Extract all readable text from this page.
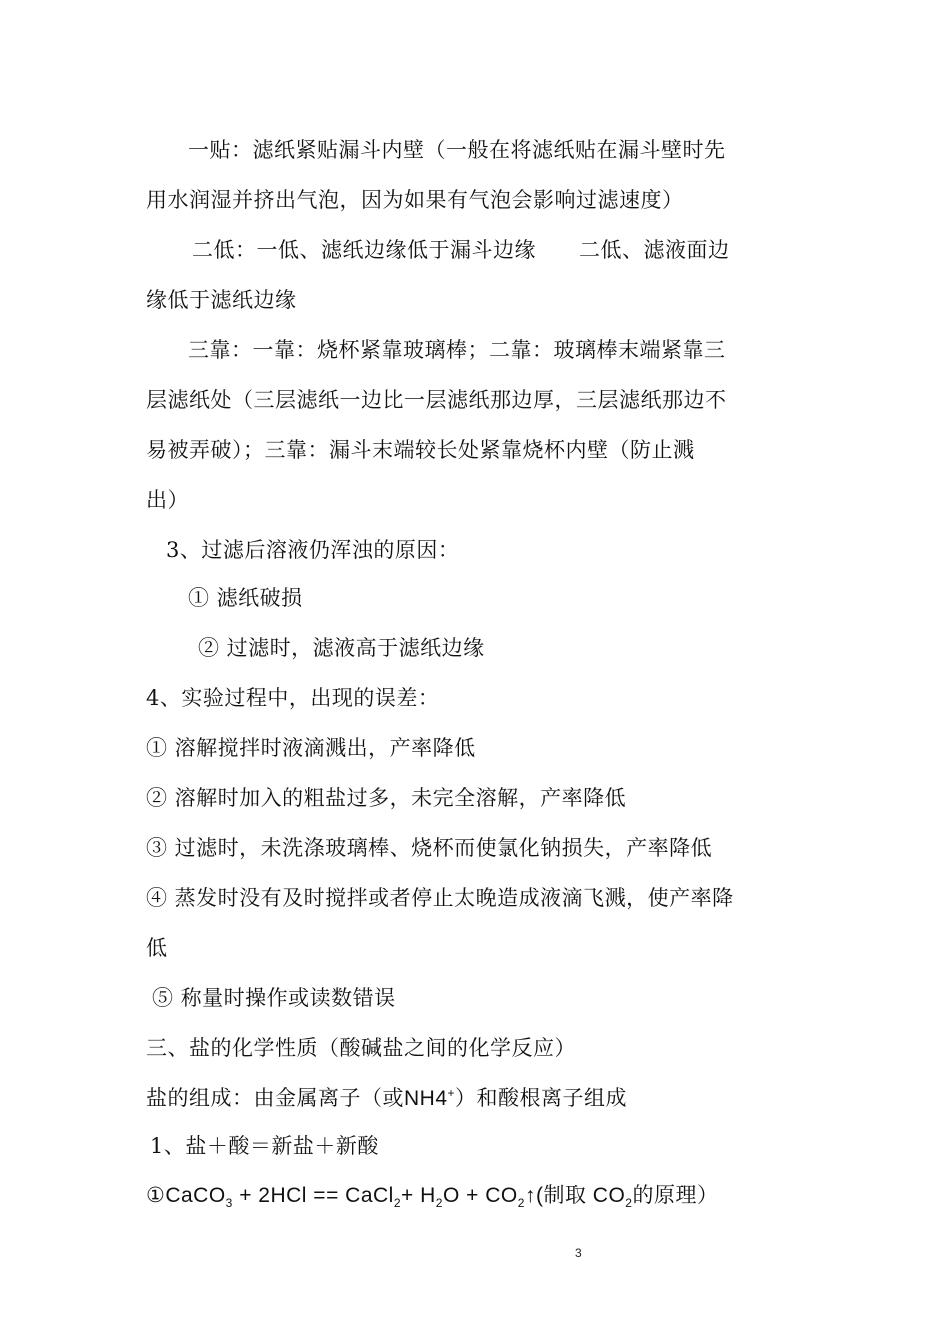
一贴：滤纸紧贴漏斗内壁（一般在将滤纸贴在漏斗壁时先
用水润湿并挤出气泡，因为如果有气泡会影响过滤速度）
二低：一低、滤纸边缘低于漏斗边缘　　二低、滤液面边
缘低于滤纸边缘
三靠：一靠：烧杯紧靠玻璃棒；二靠：玻璃棒末端紧靠三
层滤纸处（三层滤纸一边比一层滤纸那边厚，三层滤纸那边不
易被弄破）；三靠：漏斗末端较长处紧靠烧杯内壁（防止溅
出）
3、过滤后溶液仍浑浊的原因：
① 滤纸破损
② 过滤时，滤液高于滤纸边缘
4、实验过程中，出现的误差：
① 溶解搅拌时液滴溅出，产率降低
② 溶解时加入的粗盐过多，未完全溶解，产率降低
③ 过滤时，未洗涤玻璃棒、烧杯而使氯化钠损失，产率降低
④ 蒸发时没有及时搅拌或者停止太晚造成液滴飞溅，使产率降
低
⑤ 称量时操作或读数错误
三、盐的化学性质（酸碱盐之间的化学反应）
盐的组成：由金属离子（或NH4+）和酸根离子组成
1、盐＋酸＝新盐＋新酸
①CaCO$_3$ + 2HCl == CaCl$_2$+ $H_2O$ + $CO_2↑$(制取 $CO_2$的原理）
3
